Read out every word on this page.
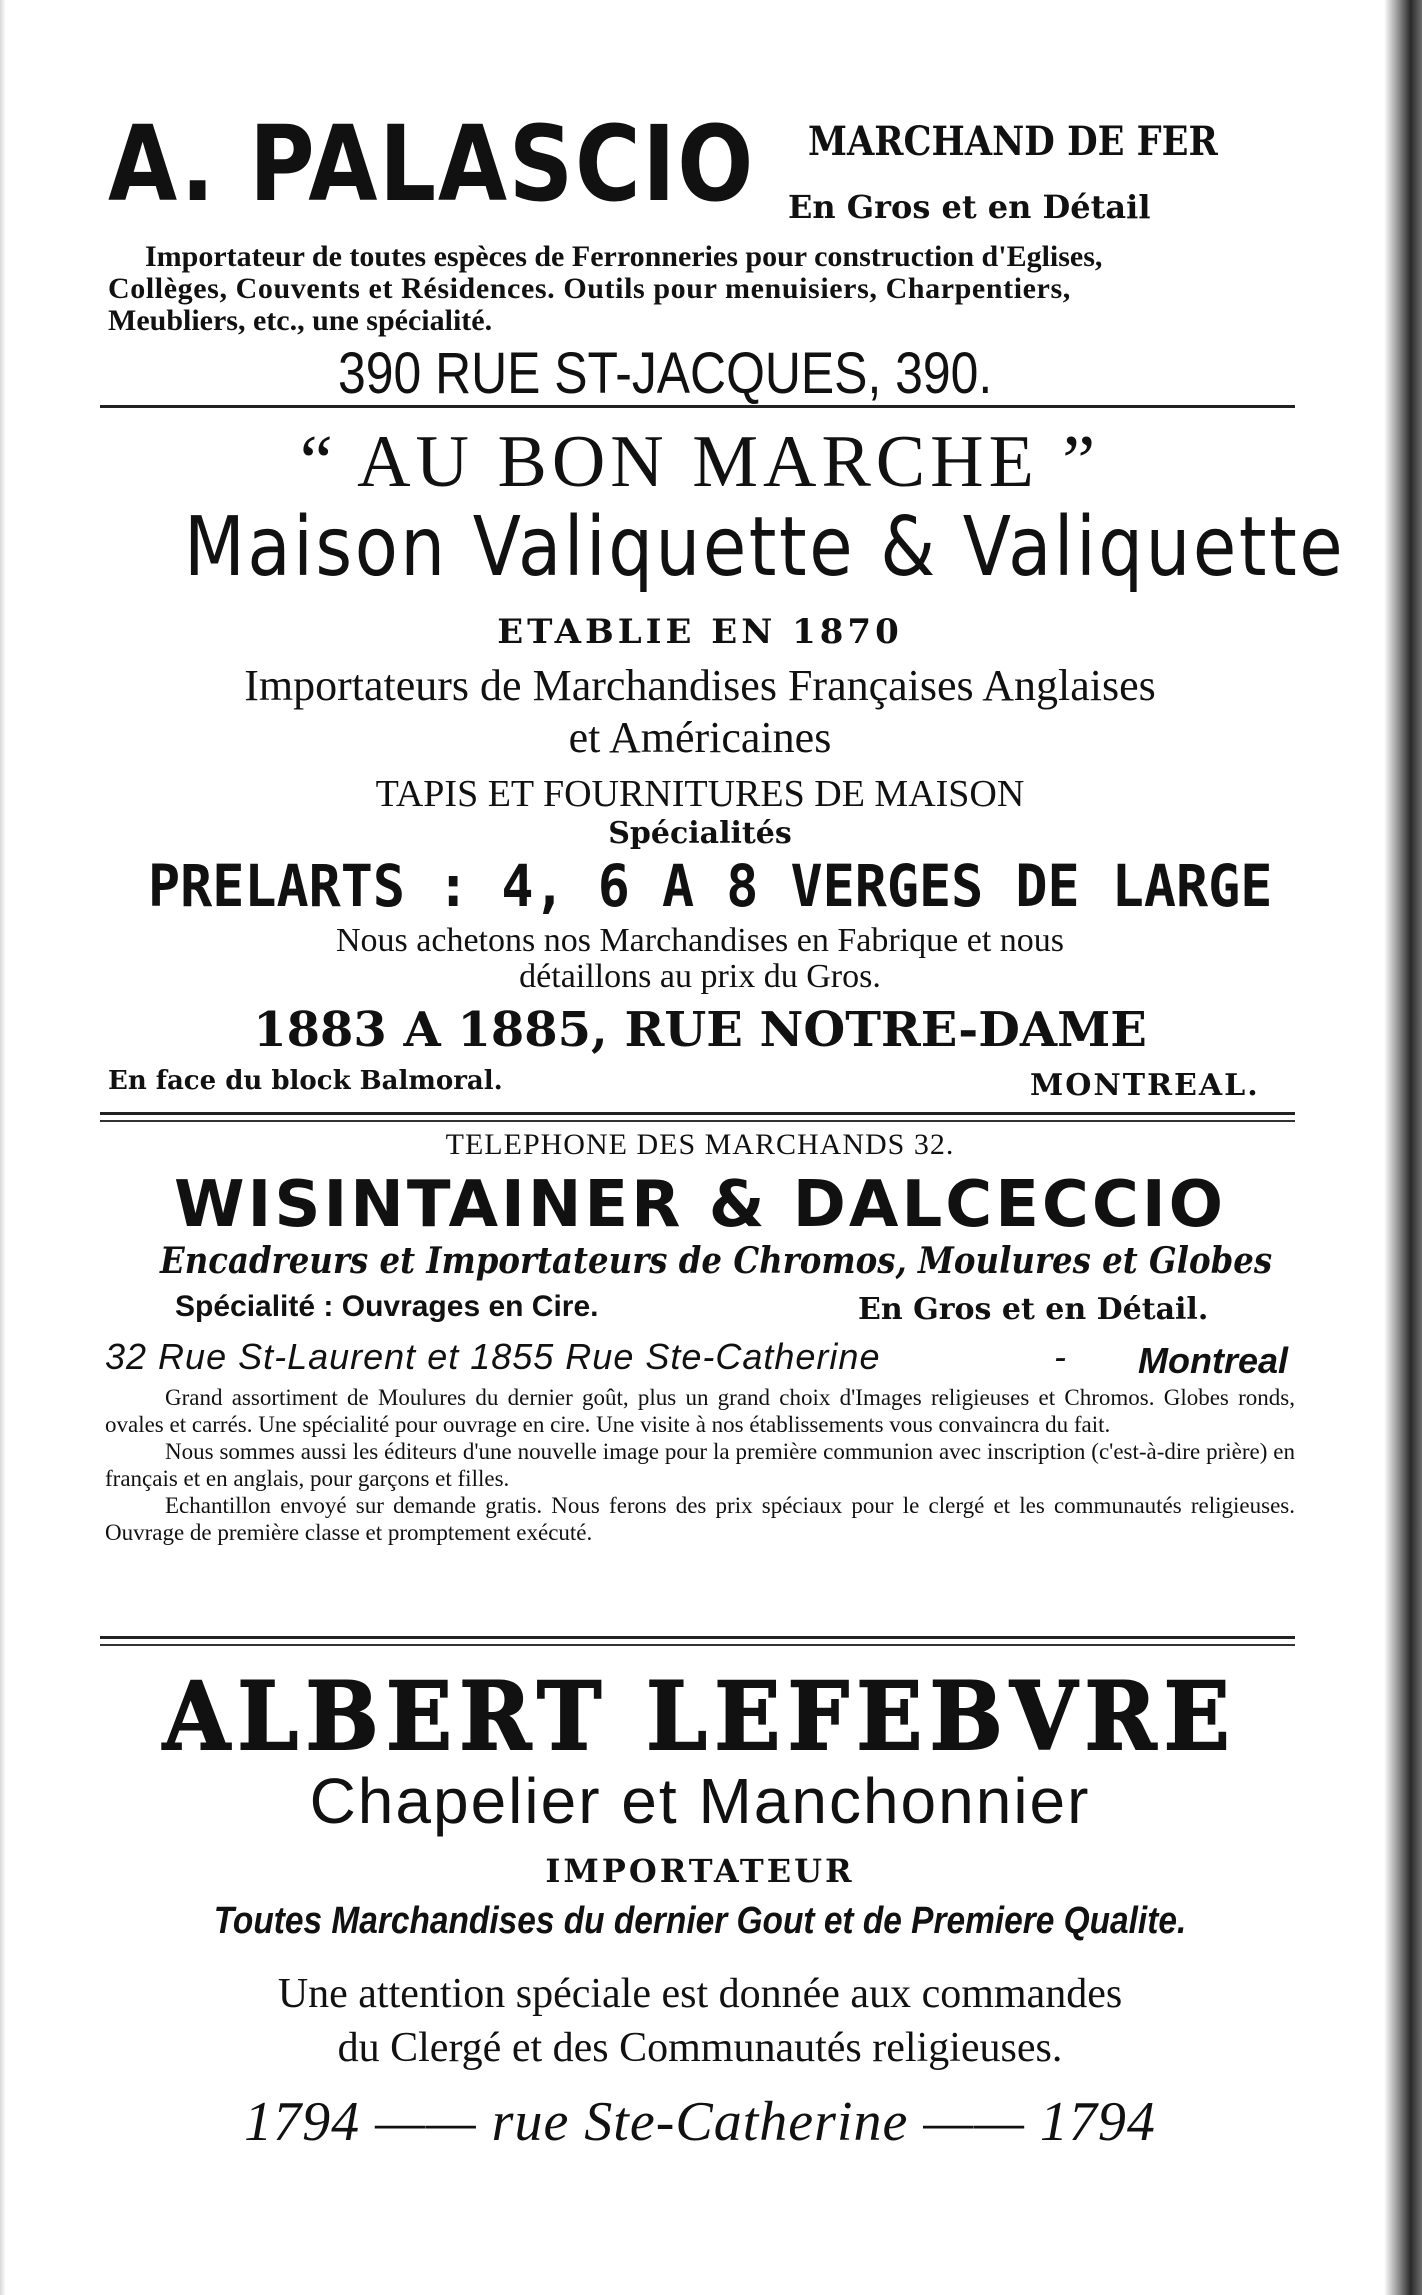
A. PALASCIO MARCHAND DE FER
En Gros et en Détail
Importateur de toutes espèces de Ferronneries pour construction d'Eglises,
Collèges, Couvents et Résidences. Outils pour menuisiers, Charpentiers,
Meubliers, etc., une spécialité.
390 RUE ST-JACQUES, 390.
“ AU BON MARCHE ”
Maison Valiquette & Valiquette
ETABLIE EN 1870
Importateurs de Marchandises Françaises Anglaises
et Américaines
TAPIS ET FOURNITURES DE MAISON
Spécialités
PRELARTS : 4, 6 A 8 VERGES DE LARGE
Nous achetons nos Marchandises en Fabrique et nous
détaillons au prix du Gros.
1883 A 1885, RUE NOTRE-DAME
En face du block Balmoral.	MONTREAL.
TELEPHONE DES MARCHANDS 32.
WISINTAINER & DALCECCIO
Encadreurs et Importateurs de Chromos, Moulures et Globes
Spécialité : Ouvrages en Cire.	En Gros et en Détail.
32 Rue St-Laurent et 1855 Rue Ste-Catherine	- Montreal

Grand assortiment de Moulures du dernier goût, plus un grand choix d'Images religieuses et Chromos. Globes ronds, ovales et carrés. Une spécialité pour ouvrage en cire. Une visite à nos établissements vous convaincra du fait.

Nous sommes aussi les éditeurs d'une nouvelle image pour la première communion avec inscription (c'est-à-dire prière) en français et en anglais, pour garçons et filles.

Echantillon envoyé sur demande gratis. Nous ferons des prix spéciaux pour le clergé et les communautés religieuses. Ouvrage de première classe et promptement exécuté.

ALBERT LEFEBVRE
Chapelier et Manchonnier
IMPORTATEUR
Toutes Marchandises du dernier Gout et de Premiere Qualite.
Une attention spéciale est donnée aux commandes
du Clergé et des Communautés religieuses.
1794 —— rue Ste-Catherine —— 1794
